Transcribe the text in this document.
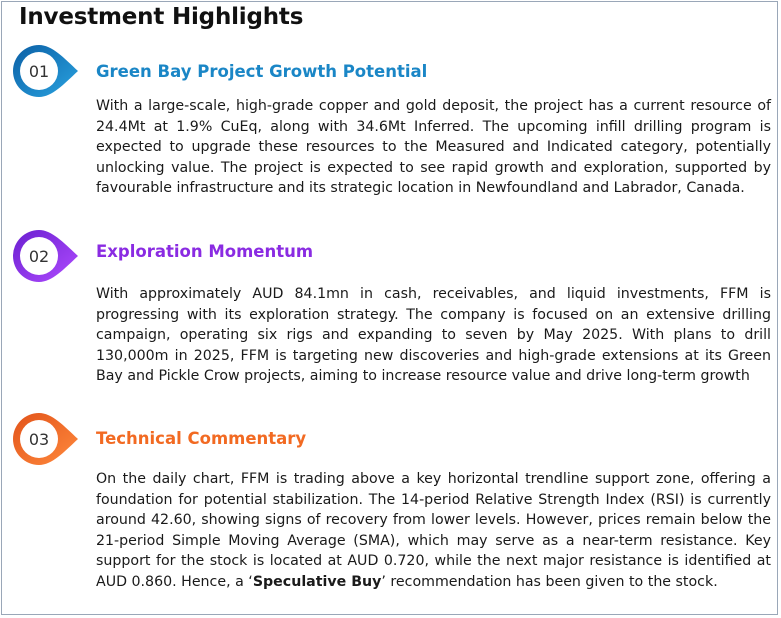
Investment Highlights
01	Green Bay Project Growth Potential

With a large-scale, high-grade copper and gold deposit, the project has a current resource of 24.4Mt at 1.9% CuEq, along with 34.6Mt Inferred. The upcoming infill drilling program is expected to upgrade these resources to the Measured and Indicated category, potentially unlocking value. The project is expected to see rapid growth and exploration, supported by favourable infrastructure and its strategic location in Newfoundland and Labrador, Canada.

02	Exploration Momentum

With approximately AUD 84.1mn in cash, receivables, and liquid investments, FFM is progressing with its exploration strategy. The company is focused on an extensive drilling campaign, operating six rigs and expanding to seven by May 2025. With plans to drill 130,000m in 2025, FFM is targeting new discoveries and high-grade extensions at its Green Bay and Pickle Crow projects, aiming to increase resource value and drive long-term growth

03	Technical Commentary

On the daily chart, FFM is trading above a key horizontal trendline support zone, offering a foundation for potential stabilization. The 14-period Relative Strength Index (RSI) is currently around 42.60, showing signs of recovery from lower levels. However, prices remain below the 21-period Simple Moving Average (SMA), which may serve as a near-term resistance. Key support for the stock is located at AUD 0.720, while the next major resistance is identified at AUD 0.860. Hence, a ‘Speculative Buy’ recommendation has been given to the stock.
